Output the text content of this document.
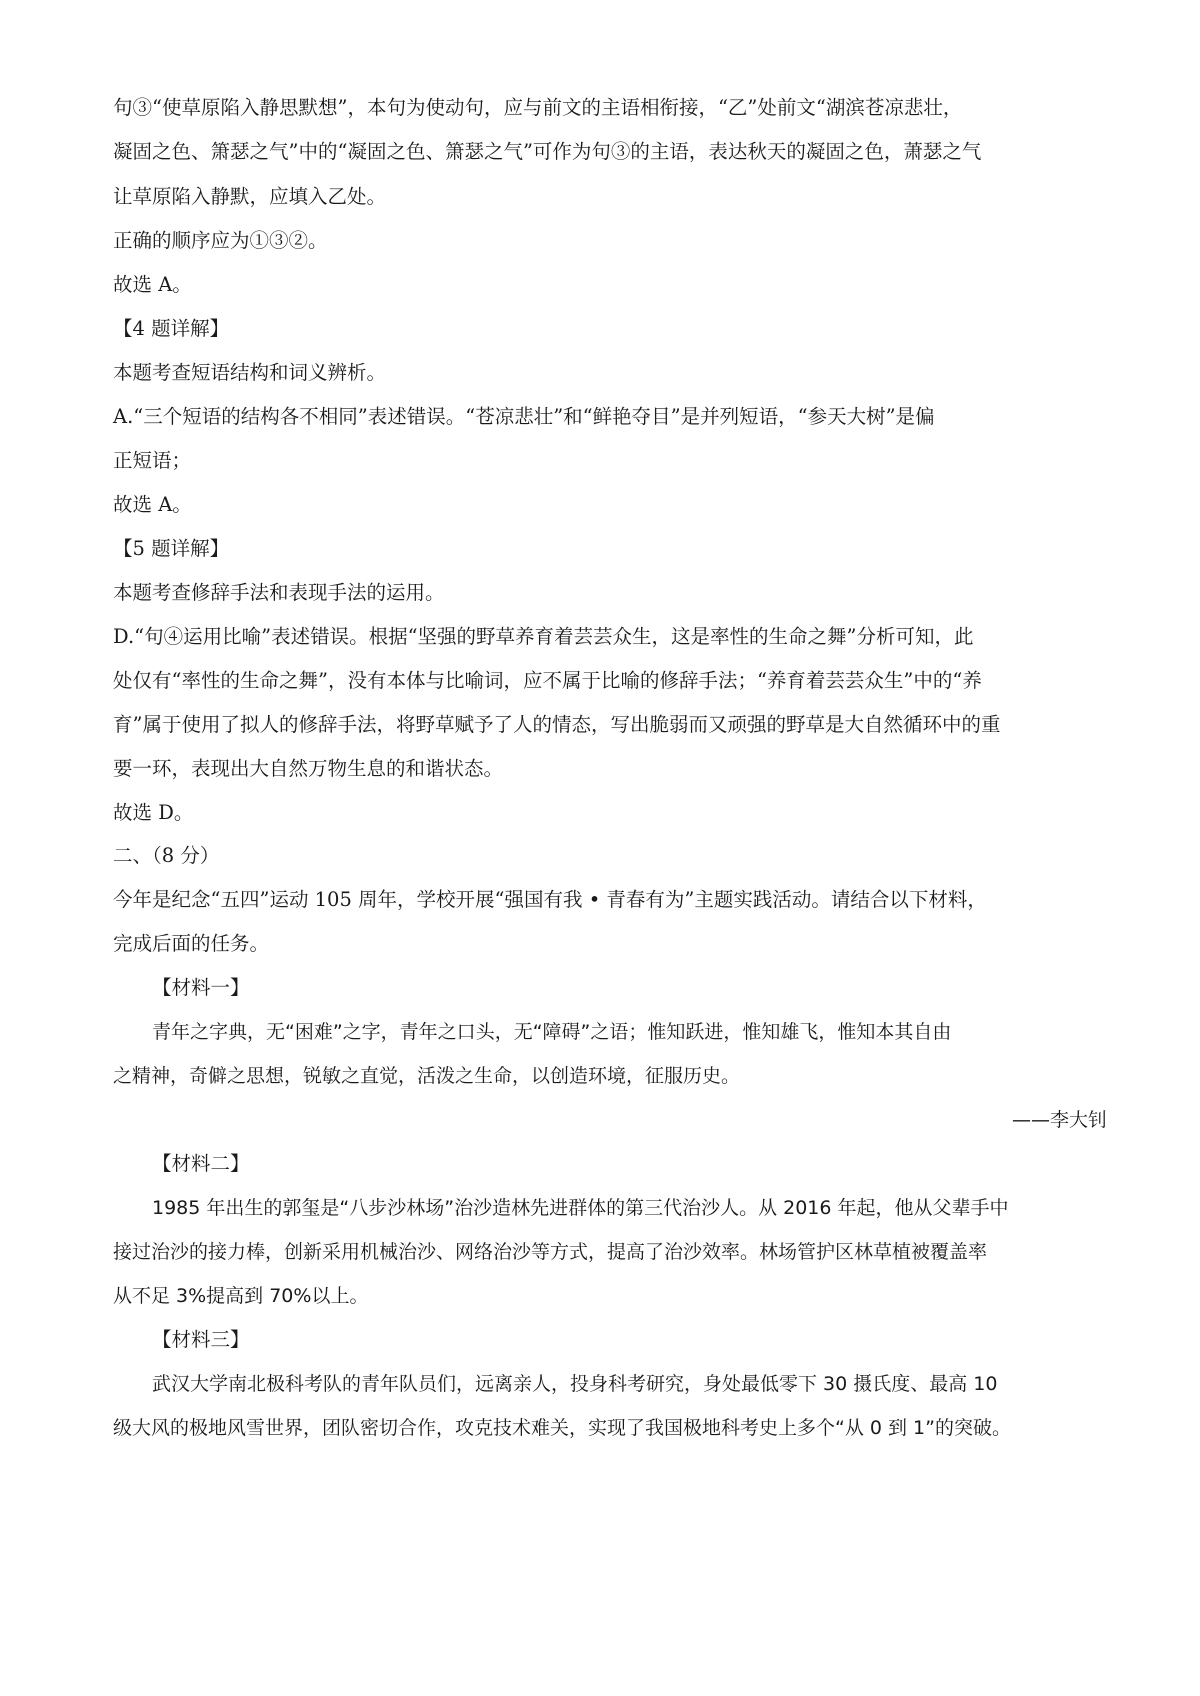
句③“使草原陷入静思默想”，本句为使动句，应与前文的主语相衔接，“乙”处前文“湖滨苍凉悲壮，

凝固之色、箫瑟之气”中的“凝固之色、箫瑟之气”可作为句③的主语，表达秋天的凝固之色，萧瑟之气

让草原陷入静默，应填入乙处。

正确的顺序应为①③②。

故选 A。

【4 题详解】

本题考查短语结构和词义辨析。

A.“三个短语的结构各不相同”表述错误。“苍凉悲壮”和“鲜艳夺目”是并列短语，“参天大树”是偏

正短语；

故选 A。

【5 题详解】

本题考查修辞手法和表现手法的运用。

D.“句④运用比喻”表述错误。根据“坚强的野草养育着芸芸众生，这是率性的生命之舞”分析可知，此

处仅有“率性的生命之舞”，没有本体与比喻词，应不属于比喻的修辞手法；“养育着芸芸众生”中的“养

育”属于使用了拟人的修辞手法，将野草赋予了人的情态，写出脆弱而又顽强的野草是大自然循环中的重

要一环，表现出大自然万物生息的和谐状态。

故选 D。

二、（8 分）

今年是纪念“五四”运动 105 周年，学校开展“强国有我 • 青春有为”主题实践活动。请结合以下材料，

完成后面的任务。

【材料一】

青年之字典，无“困难”之字，青年之口头，无“障碍”之语；惟知跃进，惟知雄飞，惟知本其自由

之精神，奇僻之思想，锐敏之直觉，活泼之生命，以创造环境，征服历史。

——李大钊

【材料二】

1985 年出生的郭玺是“八步沙林场”治沙造林先进群体的第三代治沙人。从 2016 年起，他从父辈手中

接过治沙的接力棒，创新采用机械治沙、网络治沙等方式，提高了治沙效率。林场管护区林草植被覆盖率

从不足 3%提高到 70%以上。

【材料三】

武汉大学南北极科考队的青年队员们，远离亲人，投身科考研究，身处最低零下 30 摄氏度、最高 10

级大风的极地风雪世界，团队密切合作，攻克技术难关，实现了我国极地科考史上多个“从 0 到 1”的突破。
